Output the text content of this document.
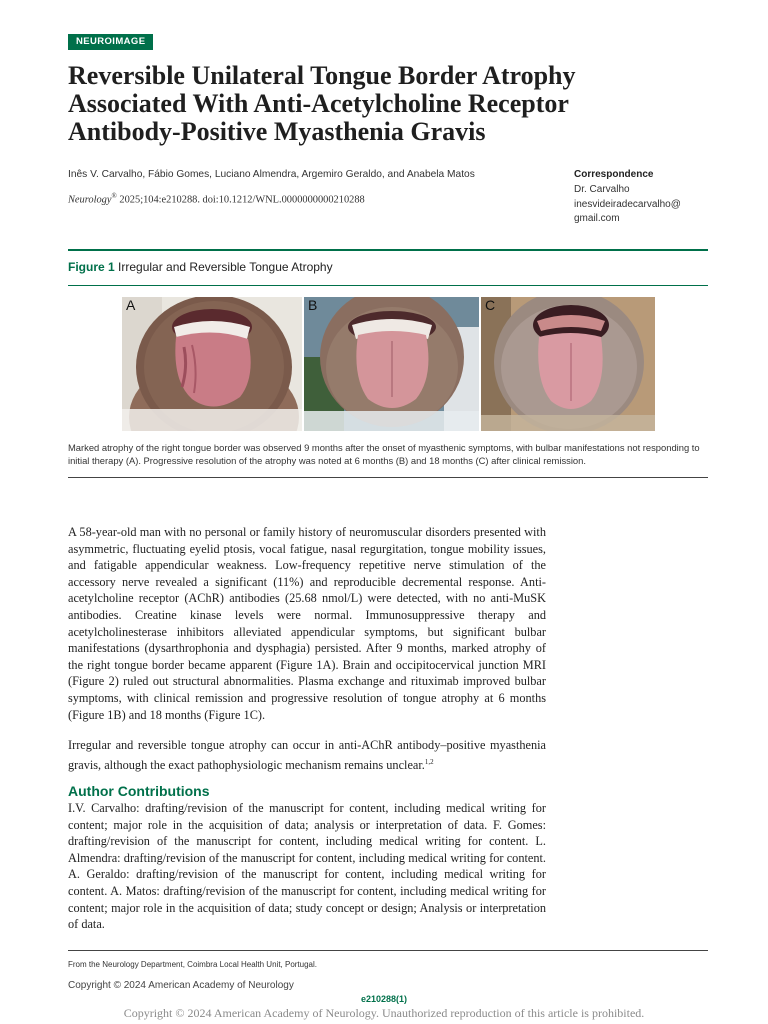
NEUROIMAGE
Reversible Unilateral Tongue Border Atrophy Associated With Anti-Acetylcholine Receptor Antibody-Positive Myasthenia Gravis
Inês V. Carvalho, Fábio Gomes, Luciano Almendra, Argemiro Geraldo, and Anabela Matos
Neurology® 2025;104:e210288. doi:10.1212/WNL.0000000000210288
Correspondence
Dr. Carvalho
inesvideiradecarvalho@ gmail.com
Figure 1 Irregular and Reversible Tongue Atrophy
A	B	C
Marked atrophy of the right tongue border was observed 9 months after the onset of myasthenic symptoms, with bulbar manifestations not responding to initial therapy (A). Progressive resolution of the atrophy was noted at 6 months (B) and 18 months (C) after clinical remission.

A 58-year-old man with no personal or family history of neuromuscular disorders presented with asymmetric, fluctuating eyelid ptosis, vocal fatigue, nasal regurgitation, tongue mobility issues, and fatigable appendicular weakness. Low-frequency repetitive nerve stimulation of the accessory nerve revealed a significant (11%) and reproducible decremental response. Anti-acetylcholine receptor (AChR) antibodies (25.68 nmol/L) were detected, with no anti-MuSK antibodies. Creatine kinase levels were normal. Immunosuppressive therapy and acetylcholinesterase inhibitors alleviated appendicular symptoms, but significant bulbar manifestations (dysarthrophonia and dysphagia) persisted. After 9 months, marked atrophy of the right tongue border became apparent (Figure 1A). Brain and occipitocervical junction MRI (Figure 2) ruled out structural abnormalities. Plasma exchange and rituximab improved bulbar symptoms, with clinical remission and progressive resolution of tongue atrophy at 6 months (Figure 1B) and 18 months (Figure 1C).

Irregular and reversible tongue atrophy can occur in anti-AChR antibody–positive myasthenia gravis, although the exact pathophysiologic mechanism remains unclear.$^{1,2}$

Author Contributions

I.V. Carvalho: drafting/revision of the manuscript for content, including medical writing for content; major role in the acquisition of data; analysis or interpretation of data. F. Gomes: drafting/revision of the manuscript for content, including medical writing for content. L. Almendra: drafting/revision of the manuscript for content, including medical writing for content. A. Geraldo: drafting/revision of the manuscript for content, including medical writing for content. A. Matos: drafting/revision of the manuscript for content, including medical writing for content; major role in the acquisition of data; study concept or design; Analysis or interpretation of data.

From the Neurology Department, Coimbra Local Health Unit, Portugal.
Copyright © 2024 American Academy of Neurology
e210288(1)
Copyright © 2024 American Academy of Neurology. Unauthorized reproduction of this article is prohibited.
